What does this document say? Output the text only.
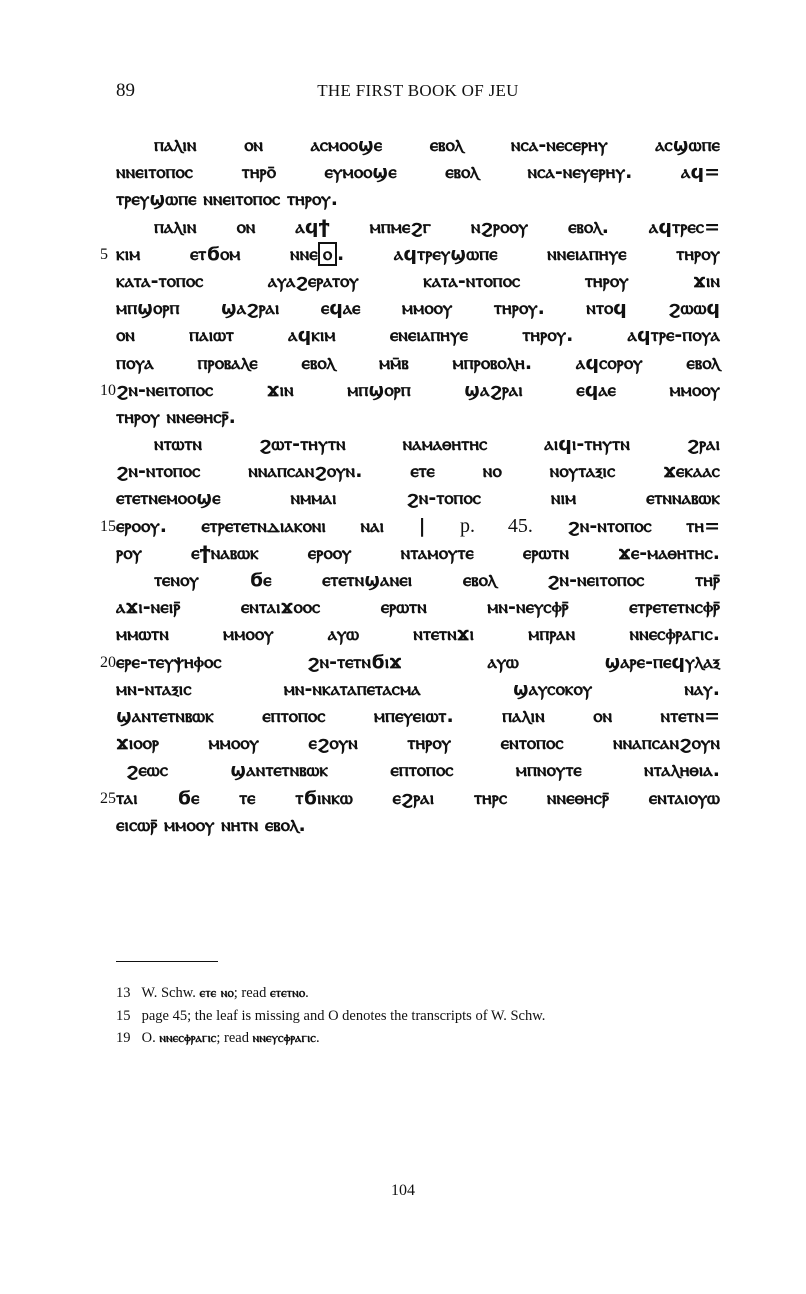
89	THE FIRST BOOK OF JEU
ⲡⲁⲗⲓⲛ ⲟⲛ ⲁⲥⲙⲟⲟϣⲉ ⲉⲃⲟⲗ ⲛⲥⲁ-ⲛⲉⲥⲉⲣⲏⲩ ⲁⲥϣⲱⲡⲉ
ⲛⲛⲉⲓⲧⲟⲡⲟⲥ ⲧⲏⲣⲟ̄ ⲉⲩⲙⲟⲟϣⲉ ⲉⲃⲟⲗ ⲛⲥⲁ-ⲛⲉⲩⲉⲣⲏⲩ. ⲁϥ=
ⲧⲣⲉⲩϣⲱⲡⲉ ⲛⲛⲉⲓⲧⲟⲡⲟⲥ ⲧⲏⲣⲟⲩ.
ⲡⲁⲗⲓⲛ ⲟⲛ ⲁϥϯ ⲙⲡⲙⲉϩⲅ ⲛϩⲣⲟⲟⲩ ⲉⲃⲟⲗ. ⲁϥⲧⲣⲉⲥ=
5 ⲕⲓⲙ ⲉⲧϭⲟⲙ ⲛⲛⲉ ⲟ . ⲁϥⲧⲣⲉⲩϣⲱⲡⲉ ⲛⲛⲉⲓⲁⲡⲏⲩⲉ ⲧⲏⲣⲟⲩ
ⲕⲁⲧⲁ-ⲧⲟⲡⲟⲥ ⲁⲩⲁϩⲉⲣⲁⲧⲟⲩ ⲕⲁⲧⲁ-ⲛⲧⲟⲡⲟⲥ ⲧⲏⲣⲟⲩ ϫⲓⲛ
ⲙⲡϣⲟⲣⲡ ϣⲁϩⲣⲁⲓ ⲉϥⲁⲉ ⲙⲙⲟⲟⲩ ⲧⲏⲣⲟⲩ. ⲛⲧⲟϥ ϩⲱⲱϥ
ⲟⲛ ⲡⲁⲓⲱⲧ ⲁϥⲕⲓⲙ ⲉⲛⲉⲓⲁⲡⲏⲩⲉ ⲧⲏⲣⲟⲩ. ⲁϥⲧⲣⲉ-ⲡⲟⲩⲁ
ⲡⲟⲩⲁ ⲡⲣⲟⲃⲁⲗⲉ ⲉⲃⲟⲗ ⲙⲙ̄ⲃ ⲙⲡⲣⲟⲃⲟⲗⲏ. ⲁϥⲥⲟⲣⲟⲩ ⲉⲃⲟⲗ
10 ϩⲛ-ⲛⲉⲓⲧⲟⲡⲟⲥ ϫⲓⲛ ⲙⲡϣⲟⲣⲡ ϣⲁϩⲣⲁⲓ ⲉϥⲁⲉ ⲙⲙⲟⲟⲩ
ⲧⲏⲣⲟⲩ ⲛⲛⲉⲑⲏⲥⲣ̄.
ⲛⲧⲱⲧⲛ ϩⲱⲧ-ⲧⲏⲩⲧⲛ ⲛⲁⲙⲁⲑⲏⲧⲏⲥ ⲁⲓϥⲓ-ⲧⲏⲩⲧⲛ ϩⲣⲁⲓ
ϩⲛ-ⲛⲧⲟⲡⲟⲥ ⲛⲛⲁⲡⲥⲁⲛϩⲟⲩⲛ. ⲉⲧⲉ ⲛⲟ ⲛⲟⲩⲧⲁⲝⲓⲥ ϫⲉⲕⲁⲁⲥ
ⲉⲧⲉⲧⲛⲉⲙⲟⲟϣⲉ ⲛⲙⲙⲁⲓ ϩⲛ-ⲧⲟⲡⲟⲥ ⲛⲓⲙ ⲉⲧⲛⲛⲁⲃⲱⲕ
15 ⲉⲣⲟⲟⲩ. ⲉⲧⲣⲉⲧⲉⲧⲛⲇⲓⲁⲕⲟⲛⲓ ⲛⲁⲓ | p. 45. ϩⲛ-ⲛⲧⲟⲡⲟⲥ ⲧⲏ=
ⲣⲟⲩ ⲉϯⲛⲁⲃⲱⲕ ⲉⲣⲟⲟⲩ ⲛⲧⲁⲙⲟⲩⲧⲉ ⲉⲣⲱⲧⲛ ϫⲉ-ⲙⲁⲑⲏⲧⲏⲥ.
ⲧⲉⲛⲟⲩ ϭⲉ ⲉⲧⲉⲧⲛϣⲁⲛⲉⲓ ⲉⲃⲟⲗ ϩⲛ-ⲛⲉⲓⲧⲟⲡⲟⲥ ⲧⲏⲣ̄
ⲁϫⲓ-ⲛⲉⲓⲣ̄ ⲉⲛⲧⲁⲓϫⲟⲟⲥ ⲉⲣⲱⲧⲛ ⲙⲛ-ⲛⲉⲩⲥⲫⲣ̄ ⲉⲧⲣⲉⲧⲉⲧⲛⲥⲫⲣ̄
ⲙⲙⲱⲧⲛ ⲙⲙⲟⲟⲩ ⲁⲩⲱ ⲛⲧⲉⲧⲛϫⲓ ⲙⲡⲣⲁⲛ ⲛⲛⲉⲥⲫⲣⲁⲅⲓⲥ.
20 ⲉⲣⲉ-ⲧⲉⲩⲯⲏⲫⲟⲥ ϩⲛ-ⲧⲉⲧⲛϭⲓϫ ⲁⲩⲱ ϣⲁⲣⲉ-ⲡⲉϥⲩⲗⲁⲝ
ⲙⲛ-ⲛⲧⲁⲝⲓⲥ ⲙⲛ-ⲛⲕⲁⲧⲁⲡⲉⲧⲁⲥⲙⲁ ϣⲁⲩⲥⲟⲕⲟⲩ ⲛⲁⲩ.
ϣⲁⲛⲧⲉⲧⲛⲃⲱⲕ ⲉⲡⲧⲟⲡⲟⲥ ⲙⲡⲉⲩⲉⲓⲱⲧ. ⲡⲁⲗⲓⲛ ⲟⲛ ⲛⲧⲉⲧⲛ=
ϫⲓⲟⲟⲣ ⲙⲙⲟⲟⲩ ⲉϩⲟⲩⲛ ⲧⲏⲣⲟⲩ ⲉⲛⲧⲟⲡⲟⲥ ⲛⲛⲁⲡⲥⲁⲛϩⲟⲩⲛ
ϩⲉⲱⲥ ϣⲁⲛⲧⲉⲧⲛⲃⲱⲕ ⲉⲡⲧⲟⲡⲟⲥ ⲙⲡⲛⲟⲩⲧⲉ ⲛⲧⲁⲗⲏⲑⲓⲁ.
25 ⲧⲁⲓ ϭⲉ ⲧⲉ ⲧϭⲓⲛⲕⲱ ⲉϩⲣⲁⲓ ⲧⲏⲣⲥ ⲛⲛⲉⲑⲏⲥⲣ̄ ⲉⲛⲧⲁⲓⲟⲩⲱ
ⲉⲓⲥⲱⲣ̄ ⲙⲙⲟⲟⲩ ⲛⲏⲧⲛ ⲉⲃⲟⲗ.
13 W. Schw. ⲉⲧⲉ ⲛⲟ; read ⲉⲧⲉⲧⲛⲟ.
15 page 45; the leaf is missing and O denotes the transcripts of W. Schw.
19 O. ⲛⲛⲉⲥⲫⲣⲁⲅⲓⲥ; read ⲛⲛⲉⲩⲥⲫⲣⲁⲅⲓⲥ.
104
